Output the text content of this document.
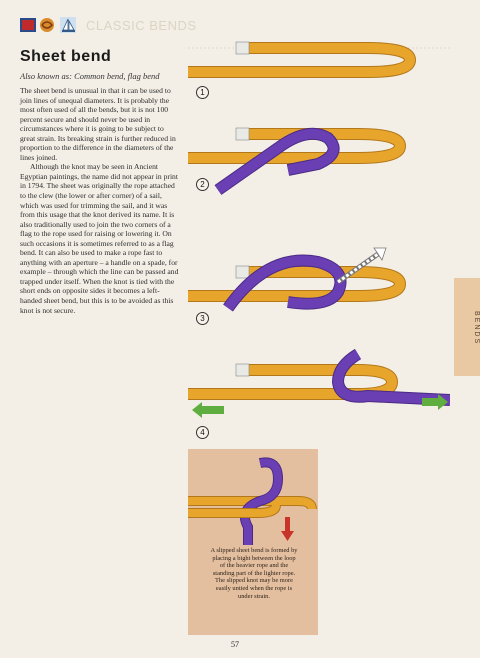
CLASSIC BENDS
Sheet bend
Also known as: Common bend, flag bend

The sheet bend is unusual in that it can be used to join lines of unequal diameters. It is probably the most often used of all the bends, but it is not 100 percent secure and should never be used in circumstances where it is going to be subject to great strain. Its breaking strain is further reduced in proportion to the difference in the diameters of the lines joined.

Although the knot may be seen in Ancient Egyptian paintings, the name did not appear in print in 1794. The sheet was originally the rope attached to the clew (the lower or after corner) of a sail, which was used for trimming the sail, and it was from this usage that the knot derived its name. It is also traditionally used to join the two corners of a flag to the rope used for raising or lowering it. On such occasions it is sometimes referred to as a flag bend. It can also be used to make a rope fast to anything with an aperture – a handle on a spade, for example – through which the line can be passed and trapped under itself. When the knot is tied with the short ends on opposite sides it becomes a left-handed sheet bend, but this is to be avoided as this knot is not secure.

1
2
3
4
BENDS
A slipped sheet bend is formed by placing a bight between the loop of the heavier rope and the standing part of the lighter rope. The slipped knot may be more easily untied when the rope is under strain.
57
